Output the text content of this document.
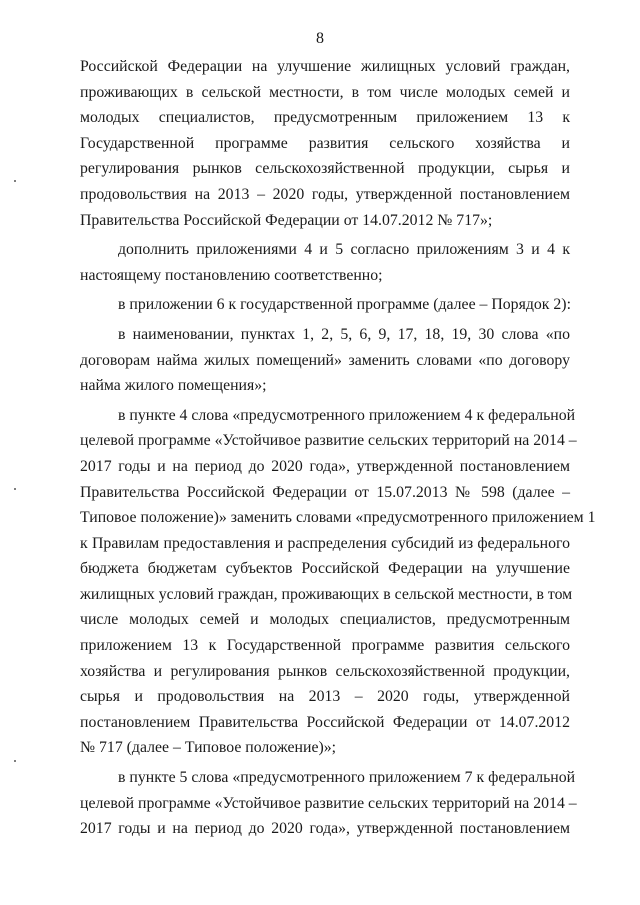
8
Российской Федерации на улучшение жилищных условий граждан,
проживающих в сельской местности, в том числе молодых семей и
молодых специалистов, предусмотренным приложением 13 к
Государственной программе развития сельского хозяйства и
регулирования рынков сельскохозяйственной продукции, сырья и
продовольствия на 2013 – 2020 годы, утвержденной постановлением
Правительства Российской Федерации от 14.07.2012 № 717»;
дополнить приложениями 4 и 5 согласно приложениям 3 и 4 к
настоящему постановлению соответственно;
в приложении 6 к государственной программе (далее – Порядок 2):
в наименовании, пунктах 1, 2, 5, 6, 9, 17, 18, 19, 30 слова «по
договорам найма жилых помещений» заменить словами «по договору
найма жилого помещения»;
в пункте 4 слова «предусмотренного приложением 4 к федеральной
целевой программе «Устойчивое развитие сельских территорий на 2014 –
2017 годы и на период до 2020 года», утвержденной постановлением
Правительства Российской Федерации от 15.07.2013 № 598 (далее –
Типовое положение)» заменить словами «предусмотренного приложением 1
к Правилам предоставления и распределения субсидий из федерального
бюджета бюджетам субъектов Российской Федерации на улучшение
жилищных условий граждан, проживающих в сельской местности, в том
числе молодых семей и молодых специалистов, предусмотренным
приложением 13 к Государственной программе развития сельского
хозяйства и регулирования рынков сельскохозяйственной продукции,
сырья и продовольствия на 2013 – 2020 годы, утвержденной
постановлением Правительства Российской Федерации от 14.07.2012
№ 717 (далее – Типовое положение)»;
в пункте 5 слова «предусмотренного приложением 7 к федеральной
целевой программе «Устойчивое развитие сельских территорий на 2014 –
2017 годы и на период до 2020 года», утвержденной постановлением
